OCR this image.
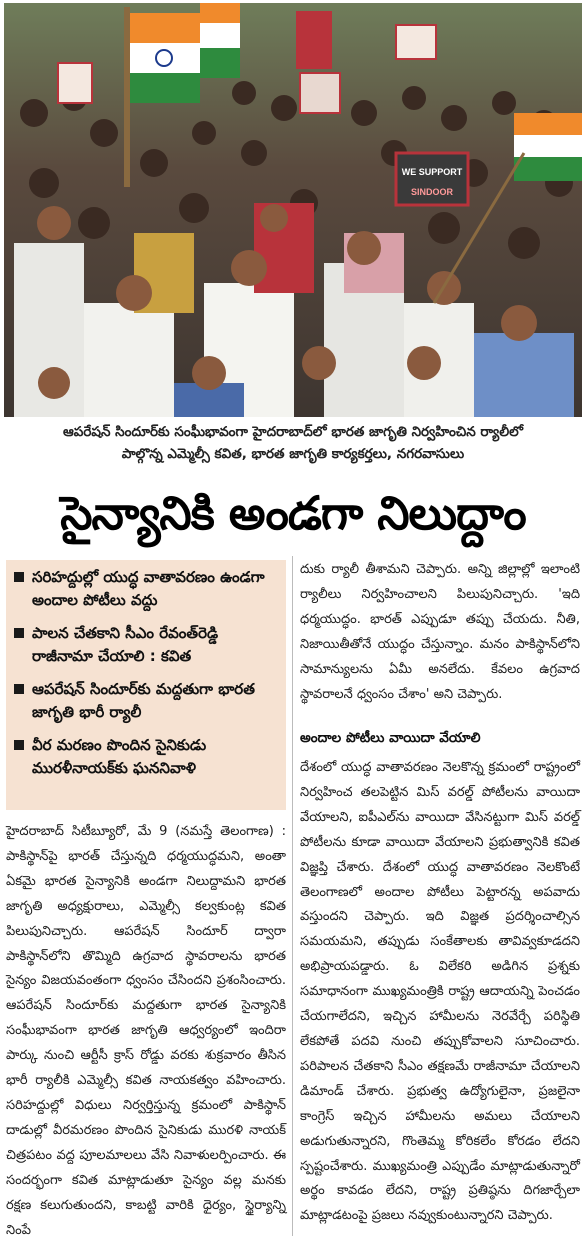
WE SUPPORT
SINDOOR
ఆపరేషన్ సిందూర్‌కు సంఘీభావంగా హైదరాబాద్‌లో భారత జాగృతి నిర్వహించిన ర్యాలీలో
పాల్గొన్న ఎమ్మెల్సీ కవిత, భారత జాగృతి కార్యకర్తలు, నగరవాసులు
సైన్యానికి అండగా నిలుద్దాం
సరిహద్దుల్లో యుద్ధ వాతావరణం ఉండగా అందాల పోటీలు వద్దు
పాలన చేతకాని సీఎం రేవంత్‌రెడ్డి రాజీనామా చేయాలి : కవిత
ఆపరేషన్ సిందూర్‌కు మద్దతుగా భారత జాగృతి భారీ ర్యాలీ
వీర మరణం పొందిన సైనికుడు మురళీనాయక్‌కు ఘననివాళి
హైదరాబాద్ సిటీబ్యూరో, మే 9 (నమస్తే తెలంగాణ) : పాకిస్థాన్‌పై భారత్ చేస్తున్నది ధర్మయుద్ధమని, అంతా ఏకమై భారత సైన్యానికి అండగా నిలుద్దామని భారత జాగృతి అధ్యక్షురాలు, ఎమ్మెల్సీ కల్వకుంట్ల కవిత పిలుపునిచ్చారు. ఆపరేషన్ సిందూర్ ద్వారా పాకిస్థాన్‌లోని తొమ్మిది ఉగ్రవాద స్థావరాలను భారత సైన్యం విజయవంతంగా ధ్వంసం చేసిందని ప్రశంసించారు. ఆపరేషన్ సిందూర్‌కు మద్దతుగా భారత సైన్యానికి సంఘీభావంగా భారత జాగృతి ఆధ్వర్యంలో ఇందిరా పార్కు నుంచి ఆర్టీసీ క్రాస్ రోడ్డు వరకు శుక్రవారం తీసిన భారీ ర్యాలీకి ఎమ్మెల్సీ కవిత నాయకత్వం వహించారు. సరిహద్దుల్లో విధులు నిర్వర్తిస్తున్న క్రమంలో పాకిస్థాన్ దాడుల్లో వీరమరణం పొందిన సైనికుడు మురళి నాయక్ చిత్రపటం వద్ద పూలమాలలు వేసి నివాళులర్పించారు. ఈ సందర్భంగా కవిత మాట్లాడుతూ సైన్యం వల్ల మనకు రక్షణ కలుగుతుందని, కాబట్టి వారికి ధైర్యం, స్థైర్యాన్ని నింపే
దుకు ర్యాలీ తీశామని చెప్పారు. అన్ని జిల్లాల్లో ఇలాంటి ర్యాలీలు నిర్వహించాలని పిలుపునిచ్చారు. 'ఇది ధర్మయుద్ధం. భారత్ ఎప్పుడూ తప్పు చేయదు. నీతి, నిజాయితీతోనే యుద్ధం చేస్తున్నాం. మనం పాకిస్థాన్‌లోని సామాన్యులను ఏమీ అనలేదు. కేవలం ఉగ్రవాద స్థావరాలనే ధ్వంసం చేశాం' అని చెప్పారు.
అందాల పోటీలు వాయిదా వేయాలి
దేశంలో యుద్ధ వాతావరణం నెలకొన్న క్రమంలో రాష్ట్రంలో నిర్వహించ తలపెట్టిన మిస్ వరల్డ్ పోటీలను వాయిదా వేయాలని, ఐపీఎల్‌ను వాయిదా వేసినట్టుగా మిస్ వరల్డ్ పోటీలను కూడా వాయిదా వేయాలని ప్రభుత్వానికి కవిత విజ్ఞప్తి చేశారు. దేశంలో యుద్ధ వాతావరణం నెలకొంటే తెలంగాణలో అందాల పోటీలు పెట్టారన్న అపవాదు వస్తుందని చెప్పారు. ఇది విజ్ఞత ప్రదర్శించాల్సిన సమయమని, తప్పుడు సంకేతాలకు తావివ్వకూడదని అభిప్రాయపడ్డారు. ఓ విలేకరి అడిగిన ప్రశ్నకు సమాధానంగా ముఖ్యమంత్రికి రాష్ట్ర ఆదాయన్ని పెంచడం చేయగాలేదని, ఇచ్చిన హామీలను నెరవేర్చే పరిస్థితి లేకపోతే పదవి నుంచి తప్పుకోవాలని సూచించారు. పరిపాలన చేతకాని సీఎం తక్షణమే రాజీనామా చేయాలని డిమాండ్ చేశారు. ప్రభుత్వ ఉద్యోగులైనా, ప్రజలైనా కాంగ్రెస్ ఇచ్చిన హామీలను అమలు చేయాలని అడుగుతున్నారని, గొంతెమ్మ కోరికలేం కోరడం లేదని స్పష్టంచేశారు. ముఖ్యమంత్రి ఎప్పుడేం మాట్లాడుతున్నారో అర్థం కావడం లేదని, రాష్ట్ర ప్రతిష్ఠను దిగజార్చేలా మాట్లాడటంపై ప్రజలు నవ్వుకుంటున్నారని చెప్పారు.
